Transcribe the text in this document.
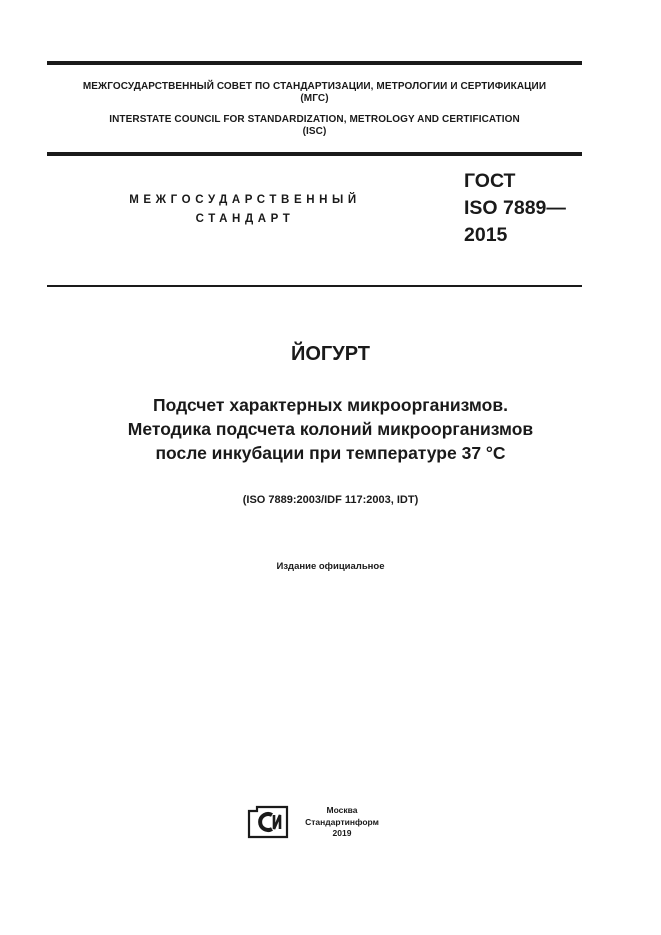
МЕЖГОСУДАРСТВЕННЫЙ СОВЕТ ПО СТАНДАРТИЗАЦИИ, МЕТРОЛОГИИ И СЕРТИФИКАЦИИ
(МГС)
INTERSTATE COUNCIL FOR STANDARDIZATION, METROLOGY AND CERTIFICATION
(ISC)
МЕЖГОСУДАРСТВЕННЫЙ
СТАНДАРТ
ГОСТ
ISO 7889—
2015
ЙОГУРТ
Подсчет характерных микроорганизмов.
Методика подсчета колоний микроорганизмов
после инкубации при температуре 37 °С
(ISO 7889:2003/IDF 117:2003, IDT)
Издание официальное
Москва
Стандартинформ
2019
